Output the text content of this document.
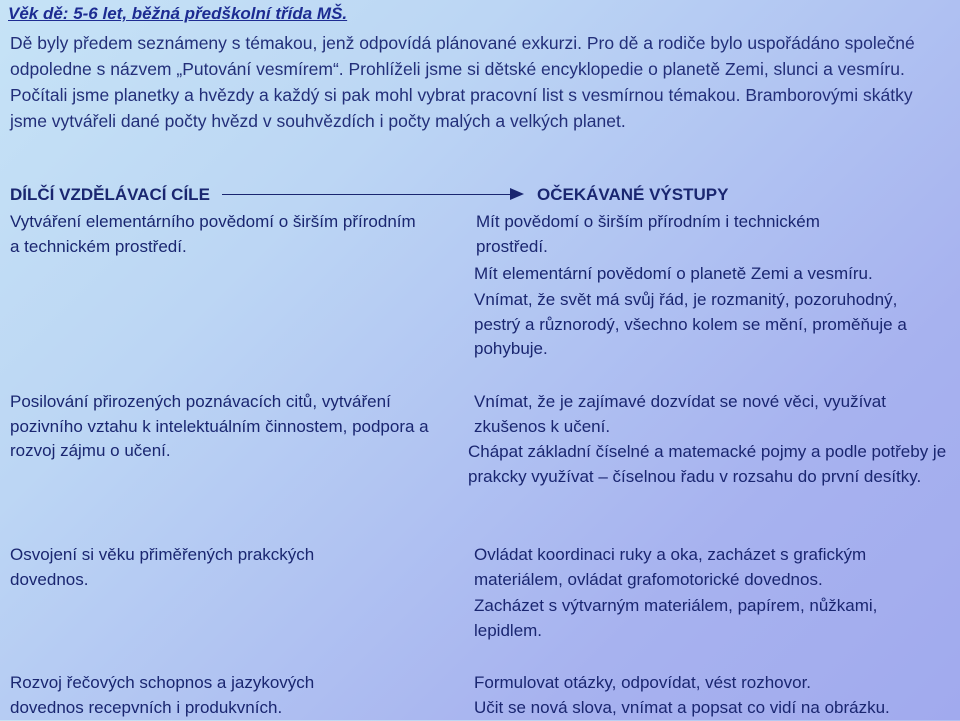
Věk dě: 5-6 let, běžná předškolní třída MŠ.
Dě byly předem seznámeny s témakou, jenž odpovídá plánované exkurzi. Pro dě a rodiče bylo uspořádáno společné odpoledne s názvem „Putování vesmírem“. Prohlíželi jsme si dětské encyklopedie o planetě Zemi, slunci a vesmíru. Počítali jsme planetky a hvězdy a každý si pak mohl vybrat pracovní list s vesmírnou témakou. Bramborovými skátky jsme vytvářeli dané počty hvězd v souhvězdích i počty malých a velkých planet.
DÍLČÍ VZDĚLÁVACÍ CÍLE	OČEKÁVANÉ VÝSTUPY
Vytváření elementárního povědomí o širším přírodním a technickém prostředí.
Posilování přirozených poznávacích citů, vytváření pozivního vztahu k intelektuálním činnostem, podpora a rozvoj zájmu o učení.
Osvojení si věku přiměřených prakckých dovednos.
Rozvoj řečových schopnos a jazykových dovednos recepvních i produkvních.
Mít povědomí o širším přírodním i technickém prostředí.
Mít elementární povědomí o planetě Zemi a vesmíru.
Vnímat, že svět má svůj řád, je rozmanitý, pozoruhodný, pestrý a různorodý, všechno kolem se mění, proměňuje a pohybuje.
Vnímat, že je zajímavé dozvídat se nové věci, využívat zkušenos k učení.
Chápat základní číselné a matemacké pojmy a podle potřeby je prakcky využívat – číselnou řadu v rozsahu do první desítky.
Ovládat koordinaci ruky a oka, zacházet s graﬁckým materiálem, ovládat grafomotorické dovednos.
Zacházet s výtvarným materiálem, papírem, nůžkami, lepidlem.
Formulovat otázky, odpovídat, vést rozhovor.
Učit se nová slova, vnímat a popsat co vidí na obrázku.
